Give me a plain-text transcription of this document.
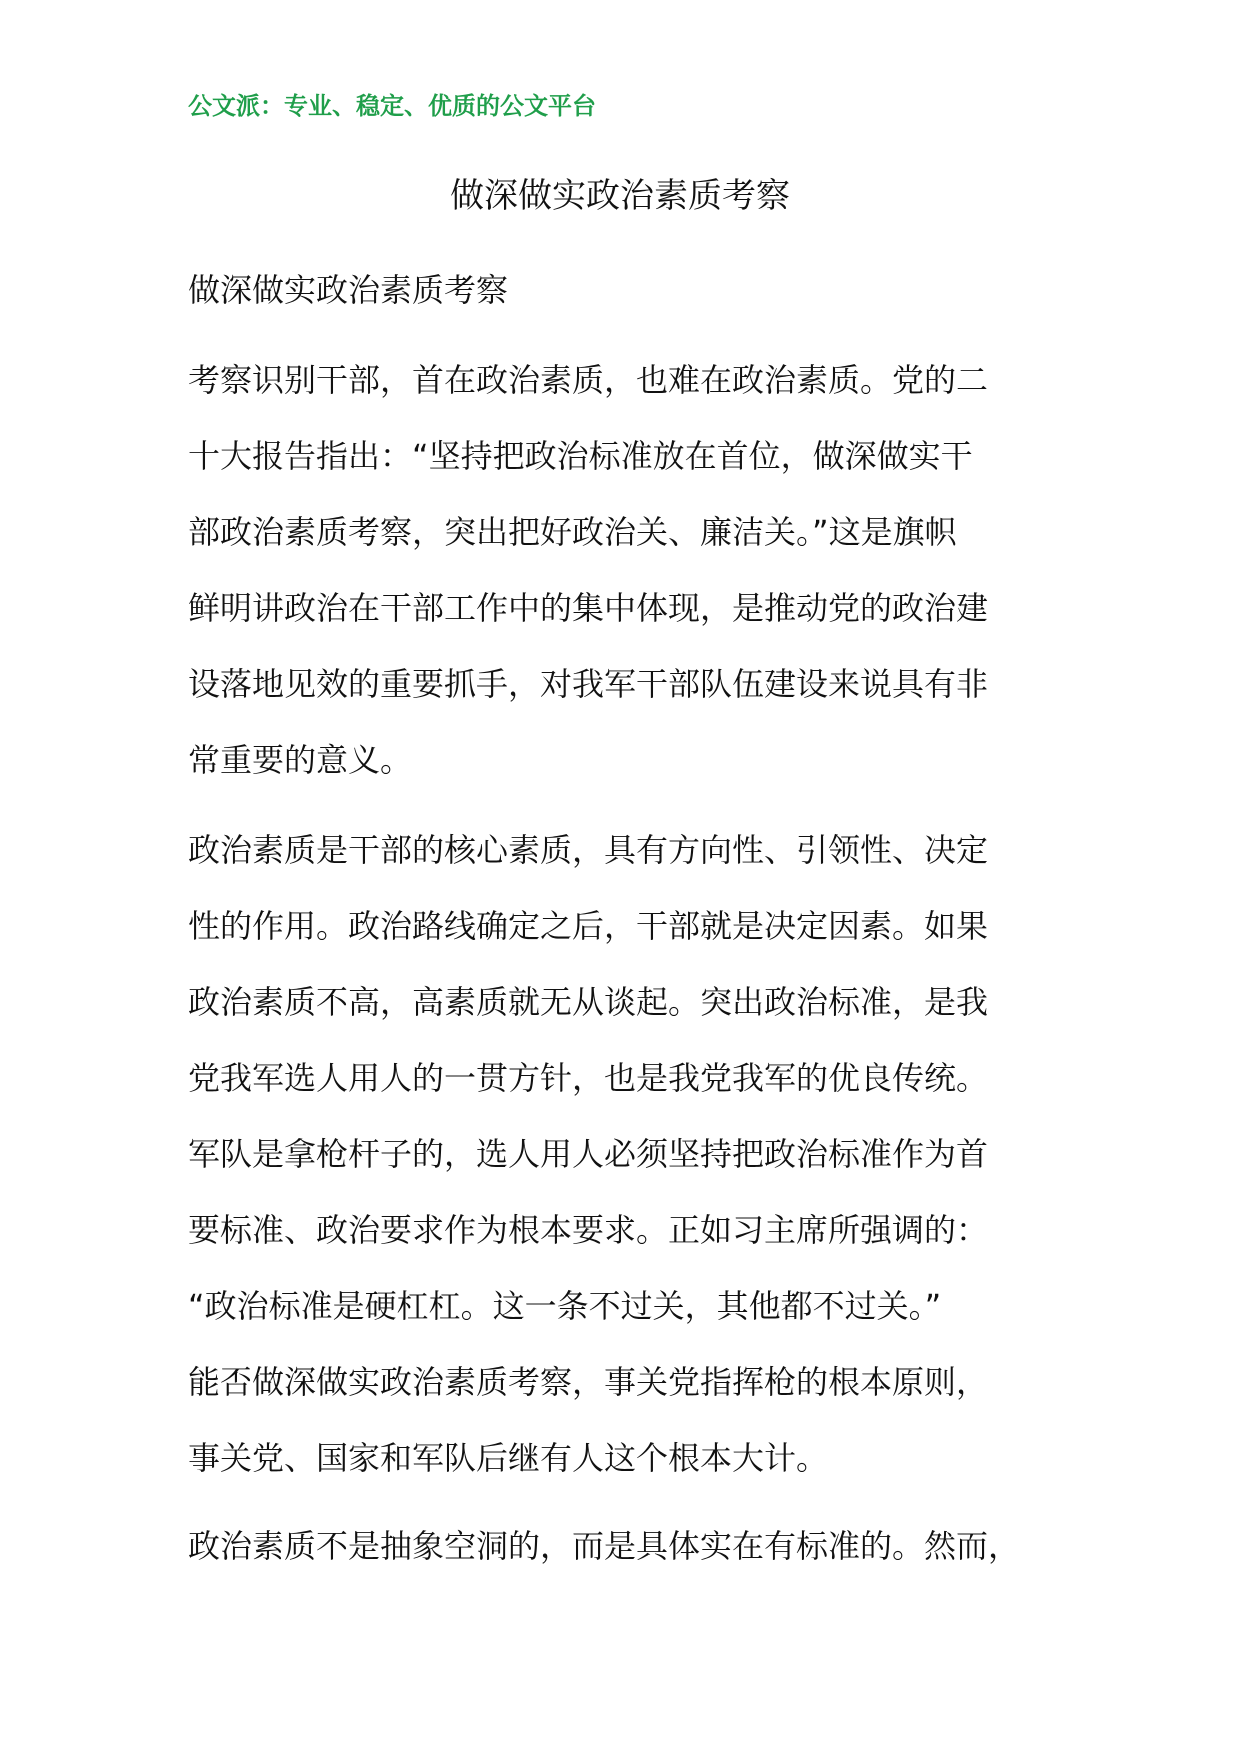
公文派：专业、稳定、优质的公文平台
做深做实政治素质考察
做深做实政治素质考察
考察识别干部，首在政治素质，也难在政治素质。党的二
十大报告指出：“坚持把政治标准放在首位，做深做实干
部政治素质考察，突出把好政治关、廉洁关。”这是旗帜
鲜明讲政治在干部工作中的集中体现，是推动党的政治建
设落地见效的重要抓手，对我军干部队伍建设来说具有非
常重要的意义。
政治素质是干部的核心素质，具有方向性、引领性、决定
性的作用。政治路线确定之后，干部就是决定因素。如果
政治素质不高，高素质就无从谈起。突出政治标准，是我
党我军选人用人的一贯方针，也是我党我军的优良传统。
军队是拿枪杆子的，选人用人必须坚持把政治标准作为首
要标准、政治要求作为根本要求。正如习主席所强调的：
“政治标准是硬杠杠。这一条不过关，其他都不过关。”
能否做深做实政治素质考察，事关党指挥枪的根本原则，
事关党、国家和军队后继有人这个根本大计。
政治素质不是抽象空洞的，而是具体实在有标准的。然而，
